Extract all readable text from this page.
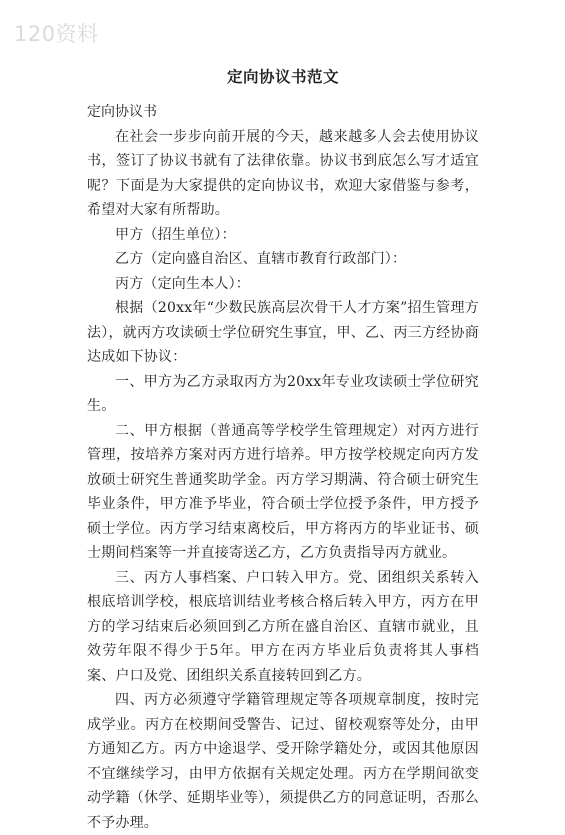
120资料
定向协议书范文

定向协议书

在社会一步步向前开展的今天，越来越多人会去使用协议书，签订了协议书就有了法律依靠。协议书到底怎么写才适宜呢？下面是为大家提供的定向协议书，欢迎大家借鉴与参考，希望对大家有所帮助。

甲方（招生单位）：

乙方（定向盛自治区、直辖市教育行政部门）：

丙方（定向生本人）：

根据（20xx年“少数民族高层次骨干人才方案”招生管理方法），就丙方攻读硕士学位研究生事宜，甲、乙、丙三方经协商达成如下协议：

一、甲方为乙方录取丙方为20xx年专业攻读硕士学位研究生。

二、甲方根据（普通高等学校学生管理规定）对丙方进行管理，按培养方案对丙方进行培养。甲方按学校规定向丙方发放硕士研究生普通奖助学金。丙方学习期满、符合硕士研究生毕业条件，甲方准予毕业，符合硕士学位授予条件，甲方授予硕士学位。丙方学习结束离校后，甲方将丙方的毕业证书、硕士期间档案等一并直接寄送乙方，乙方负责指导丙方就业。

三、丙方人事档案、户口转入甲方。党、团组织关系转入根底培训学校，根底培训结业考核合格后转入甲方，丙方在甲方的学习结束后必须回到乙方所在盛自治区、直辖市就业，且效劳年限不得少于5年。甲方在丙方毕业后负责将其人事档案、户口及党、团组织关系直接转回到乙方。

四、丙方必须遵守学籍管理规定等各项规章制度，按时完成学业。丙方在校期间受警告、记过、留校观察等处分，由甲方通知乙方。丙方中途退学、受开除学籍处分，或因其他原因不宜继续学习，由甲方依据有关规定处理。丙方在学期间欲变动学籍（休学、延期毕业等），须提供乙方的同意证明，否那么不予办理。
